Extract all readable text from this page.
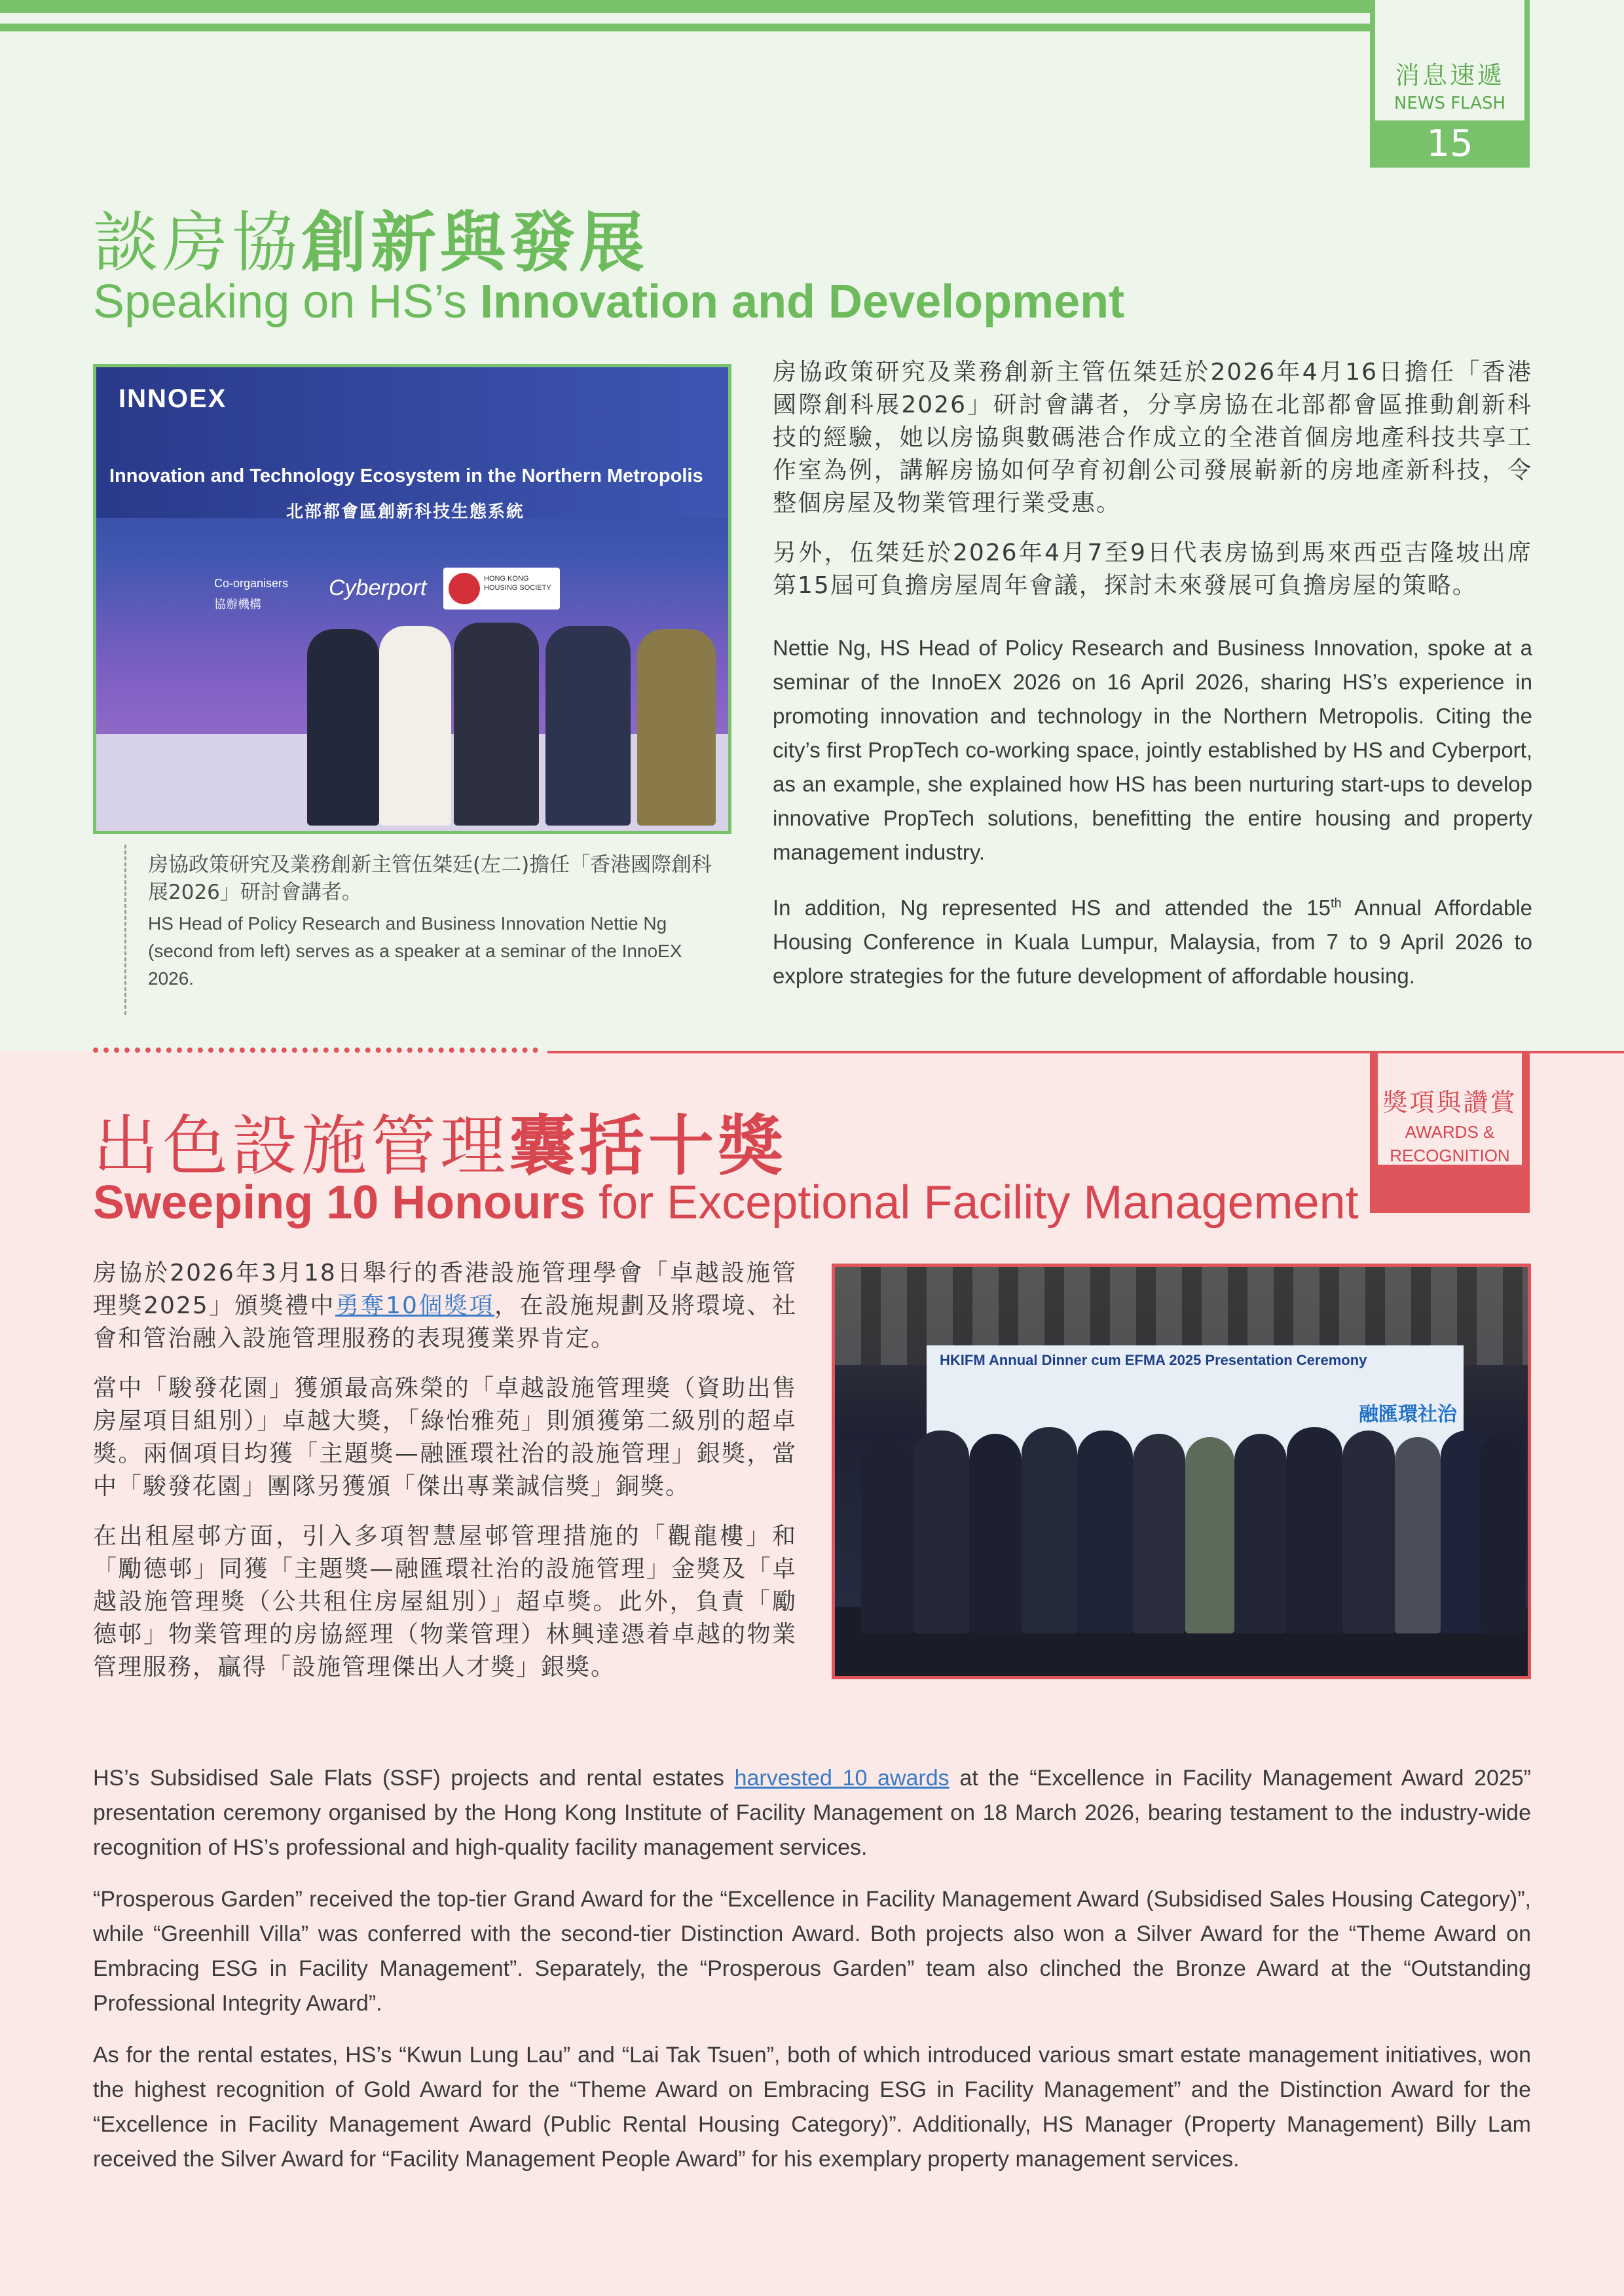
消息速遞
NEWS FLASH
15
談房協創新與發展
Speaking on HS’s Innovation and Development
INNOEX
Innovation and Technology Ecosystem in the Northern Metropolis
北部都會區創新科技生態系統
Co-organisers
協辦機構
Cyberport	HONG KONG HOUSING SOCIETY
房協政策研究及業務創新主管伍桀廷(左二)擔任「香港國際創科展2026」研討會講者。
HS Head of Policy Research and Business Innovation Nettie Ng (second from left) serves as a speaker at a seminar of the InnoEX 2026.

房協政策研究及業務創新主管伍桀廷於2026年4月16日擔任「香港國際創科展2026」研討會講者，分享房協在北部都會區推動創新科技的經驗，她以房協與數碼港合作成立的全港首個房地產科技共享工作室為例，講解房協如何孕育初創公司發展嶄新的房地產新科技，令整個房屋及物業管理行業受惠。

另外，伍桀廷於2026年4月7至9日代表房協到馬來西亞吉隆坡出席第15屆可負擔房屋周年會議，探討未來發展可負擔房屋的策略。

Nettie Ng, HS Head of Policy Research and Business Innovation, spoke at a seminar of the InnoEX 2026 on 16 April 2026, sharing HS’s experience in promoting innovation and technology in the Northern Metropolis. Citing the city’s first PropTech co-working space, jointly established by HS and Cyberport, as an example, she explained how HS has been nurturing start-ups to develop innovative PropTech solutions, benefitting the entire housing and property management industry.

In addition, Ng represented HS and attended the 15th Annual Affordable Housing Conference in Kuala Lumpur, Malaysia, from 7 to 9 April 2026 to explore strategies for the future development of affordable housing.

獎項與讚賞
AWARDS &
RECOGNITION
出色設施管理囊括十獎
Sweeping 10 Honours for Exceptional Facility Management

房協於2026年3月18日舉行的香港設施管理學會「卓越設施管理獎2025」頒獎禮中勇奪10個獎項，在設施規劃及將環境、社會和管治融入設施管理服務的表現獲業界肯定。

當中「駿發花園」獲頒最高殊榮的「卓越設施管理獎（資助出售房屋項目組別）」卓越大獎，「綠怡雅苑」則頒獲第二級別的超卓獎。兩個項目均獲「主題獎—融匯環社治的設施管理」銀獎，當中「駿發花園」團隊另獲頒「傑出專業誠信獎」銅獎。

在出租屋邨方面，引入多項智慧屋邨管理措施的「觀龍樓」和「勵德邨」同獲「主題獎—融匯環社治的設施管理」金獎及「卓越設施管理獎（公共租住房屋組別）」超卓獎。此外，負責「勵德邨」物業管理的房協經理（物業管理）林興達憑着卓越的物業管理服務，贏得「設施管理傑出人才獎」銀獎。

HKIFM Annual Dinner cum EFMA 2025 Presentation Ceremony
融匯環社治

HS’s Subsidised Sale Flats (SSF) projects and rental estates harvested 10 awards at the “Excellence in Facility Management Award 2025” presentation ceremony organised by the Hong Kong Institute of Facility Management on 18 March 2026, bearing testament to the industry-wide recognition of HS’s professional and high-quality facility management services.

“Prosperous Garden” received the top-tier Grand Award for the “Excellence in Facility Management Award (Subsidised Sales Housing Category)”, while “Greenhill Villa” was conferred with the second-tier Distinction Award. Both projects also won a Silver Award for the “Theme Award on Embracing ESG in Facility Management”. Separately, the “Prosperous Garden” team also clinched the Bronze Award at the “Outstanding Professional Integrity Award”.

As for the rental estates, HS’s “Kwun Lung Lau” and “Lai Tak Tsuen”, both of which introduced various smart estate management initiatives, won the highest recognition of Gold Award for the “Theme Award on Embracing ESG in Facility Management” and the Distinction Award for the “Excellence in Facility Management Award (Public Rental Housing Category)”. Additionally, HS Manager (Property Management) Billy Lam received the Silver Award for “Facility Management People Award” for his exemplary property management services.
